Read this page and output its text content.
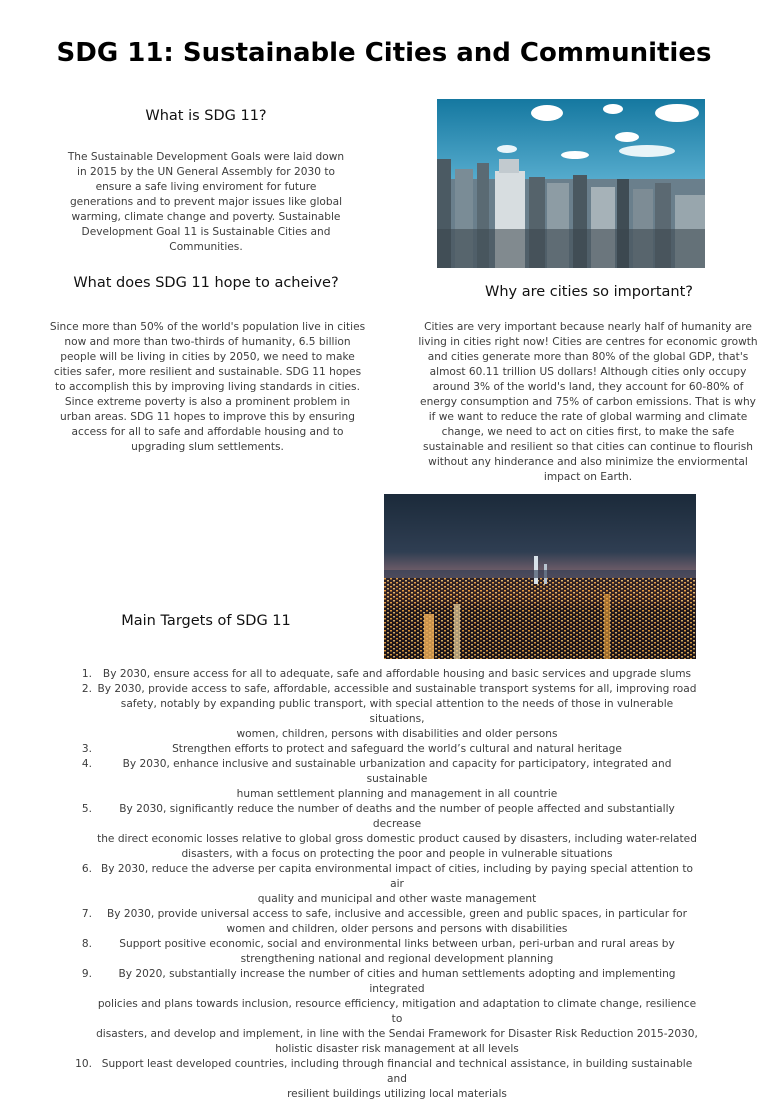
SDG 11: Sustainable Cities and Communities
What is SDG 11?
The Sustainable Development Goals were laid down
in 2015 by the UN General Assembly for 2030 to
ensure a safe living enviroment for future
generations and to prevent major issues like global
warming, climate change and poverty. Sustainable
Development Goal 11 is Sustainable Cities and
Communities.
What does SDG 11 hope to acheive?
Since more than 50% of the world's population live in cities
now and more than two-thirds of humanity, 6.5 billion
people will be living in cities by 2050, we need to make
cities safer, more resilient and sustainable. SDG 11 hopes
to accomplish this by improving living standards in cities.
Since extreme poverty is also a prominent problem in
urban areas. SDG 11 hopes to improve this by ensuring
access for all to safe and affordable housing and to
upgrading slum settlements.
Why are cities so important?
Cities are very important because nearly half of humanity are
living in cities right now! Cities are centres for economic growth
and cities generate more than 80% of the global GDP, that's
almost 60.11 trillion US dollars! Although cities only occupy
around 3% of the world's land, they account for 60-80% of
energy consumption and 75% of carbon emissions. That is why
if we want to reduce the rate of global warming and climate
change, we need to act on cities first, to make the safe
sustainable and resilient so that cities can continue to flourish
without any hinderance and also minimize the enviormental
impact on Earth.
Main Targets of SDG 11
1.	By 2030, ensure access for all to adequate, safe and affordable housing and basic services and upgrade slums
2. By 2030, provide access to safe, affordable, accessible and sustainable transport systems for all, improving road
safety, notably by expanding public transport, with special attention to the needs of those in vulnerable situations,
women, children, persons with disabilities and older persons
3.	Strengthen efforts to protect and safeguard the world’s cultural and natural heritage
4.	By 2030, enhance inclusive and sustainable urbanization and capacity for participatory, integrated and sustainable
human settlement planning and management in all countrie
5.	By 2030, significantly reduce the number of deaths and the number of people affected and substantially decrease
the direct economic losses relative to global gross domestic product caused by disasters, including water-related
disasters, with a focus on protecting the poor and people in vulnerable situations
6. By 2030, reduce the adverse per capita environmental impact of cities, including by paying special attention to air
quality and municipal and other waste management
7.	By 2030, provide universal access to safe, inclusive and accessible, green and public spaces, in particular for
women and children, older persons and persons with disabilities
8.	Support positive economic, social and environmental links between urban, peri-urban and rural areas by
strengthening national and regional development planning
9.	By 2020, substantially increase the number of cities and human settlements adopting and implementing integrated
policies and plans towards inclusion, resource efficiency, mitigation and adaptation to climate change, resilience to
disasters, and develop and implement, in line with the Sendai Framework for Disaster Risk Reduction 2015-2030,
holistic disaster risk management at all levels
10. Support least developed countries, including through financial and technical assistance, in building sustainable and
resilient buildings utilizing local materials
